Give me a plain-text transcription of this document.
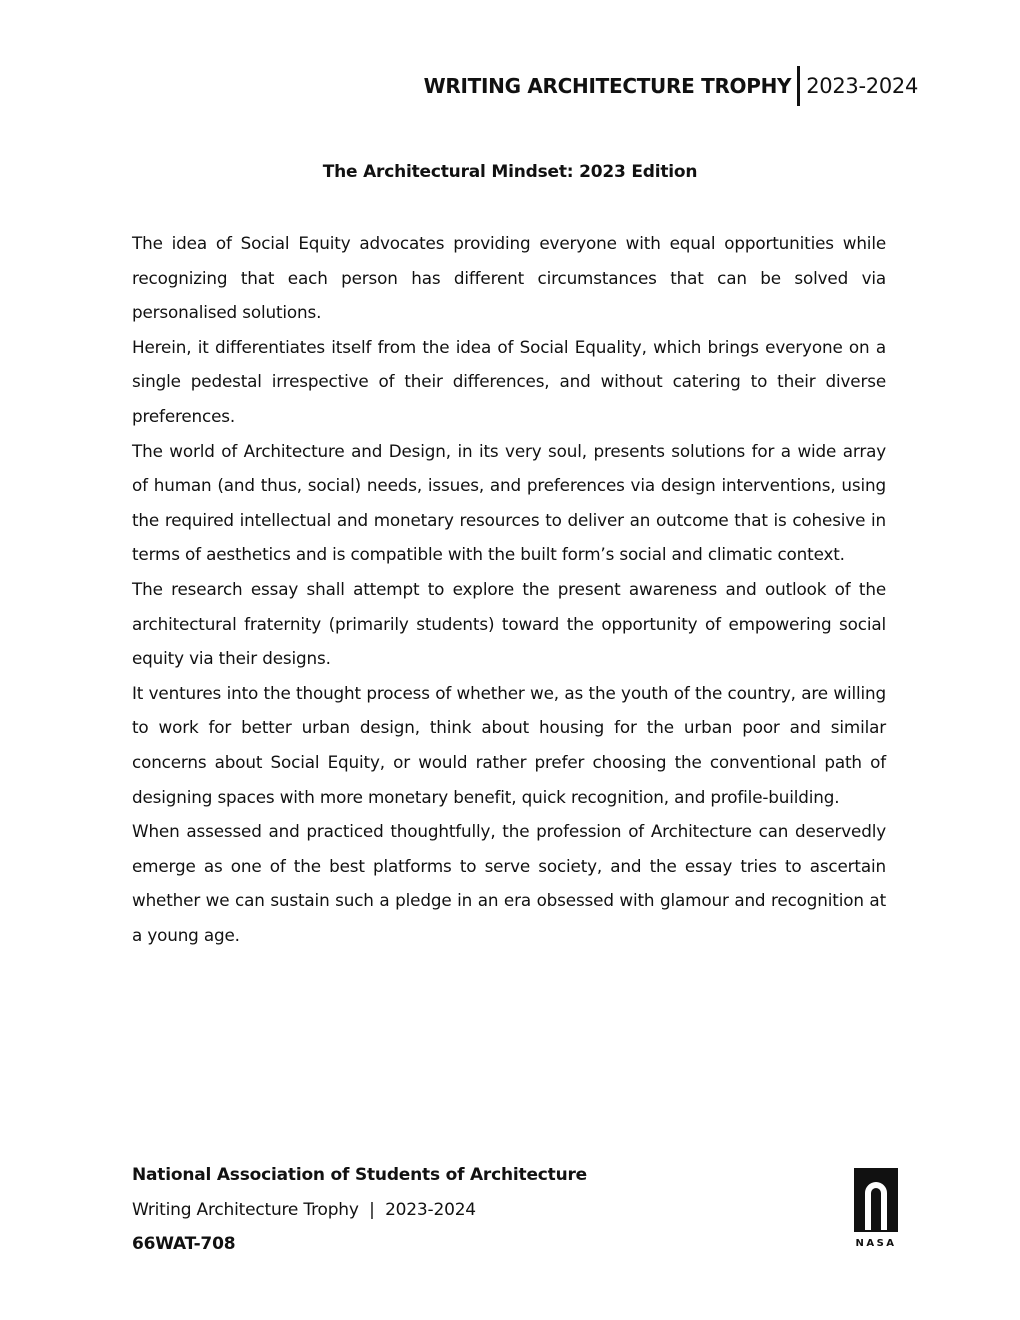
WRITING ARCHITECTURE TROPHY 2023-2024
The Architectural Mindset: 2023 Edition

The idea of Social Equity advocates providing everyone with equal opportunities while recognizing that each person has different circumstances that can be solved via personalised solutions.

Herein, it differentiates itself from the idea of Social Equality, which brings everyone on a single pedestal irrespective of their differences, and without catering to their diverse preferences.

The world of Architecture and Design, in its very soul, presents solutions for a wide array of human (and thus, social) needs, issues, and preferences via design interventions, using the required intellectual and monetary resources to deliver an outcome that is cohesive in terms of aesthetics and is compatible with the built form’s social and climatic context.

The research essay shall attempt to explore the present awareness and outlook of the architectural fraternity (primarily students) toward the opportunity of empowering social equity via their designs.

It ventures into the thought process of whether we, as the youth of the country, are willing to work for better urban design, think about housing for the urban poor and similar concerns about Social Equity, or would rather prefer choosing the conventional path of designing spaces with more monetary benefit, quick recognition, and profile-building.

When assessed and practiced thoughtfully, the profession of Architecture can deservedly emerge as one of the best platforms to serve society, and the essay tries to ascertain whether we can sustain such a pledge in an era obsessed with glamour and recognition at a young age.

National Association of Students of Architecture
Writing Architecture Trophy  |  2023-2024
66WAT-708	NASA
